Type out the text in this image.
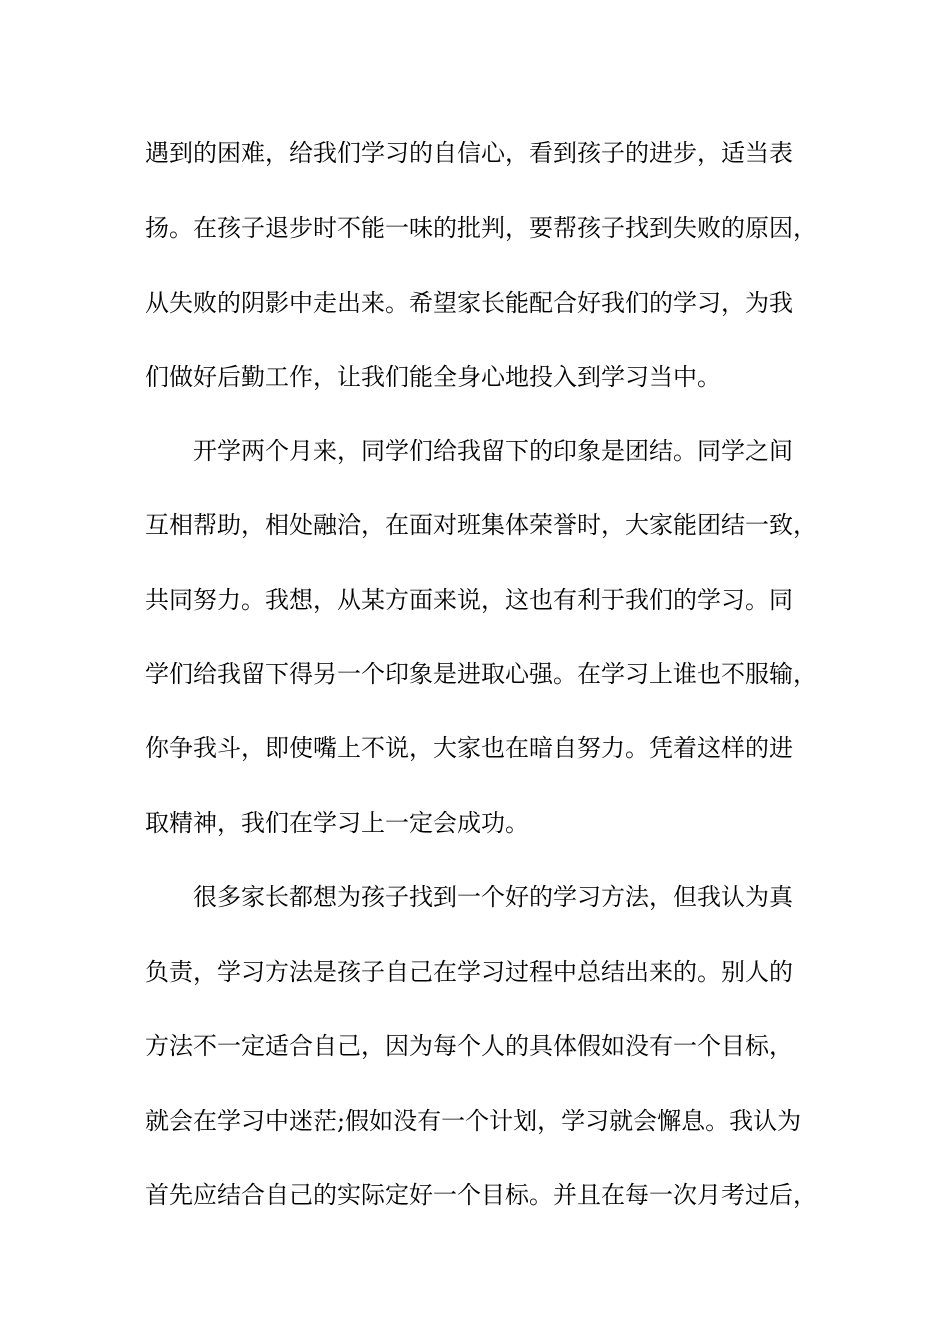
遇到的困难，给我们学习的自信心，看到孩子的进步，适当表
扬。在孩子退步时不能一味的批判，要帮孩子找到失败的原因，
从失败的阴影中走出来。希望家长能配合好我们的学习，为我
们做好后勤工作，让我们能全身心地投入到学习当中。
开学两个月来，同学们给我留下的印象是团结。同学之间
互相帮助，相处融洽，在面对班集体荣誉时，大家能团结一致，
共同努力。我想，从某方面来说，这也有利于我们的学习。同
学们给我留下得另一个印象是进取心强。在学习上谁也不服输，
你争我斗，即使嘴上不说，大家也在暗自努力。凭着这样的进
取精神，我们在学习上一定会成功。
很多家长都想为孩子找到一个好的学习方法，但我认为真
负责，学习方法是孩子自己在学习过程中总结出来的。别人的
方法不一定适合自己，因为每个人的具体假如没有一个目标，
就会在学习中迷茫;假如没有一个计划，学习就会懈息。我认为
首先应结合自己的实际定好一个目标。并且在每一次月考过后，
